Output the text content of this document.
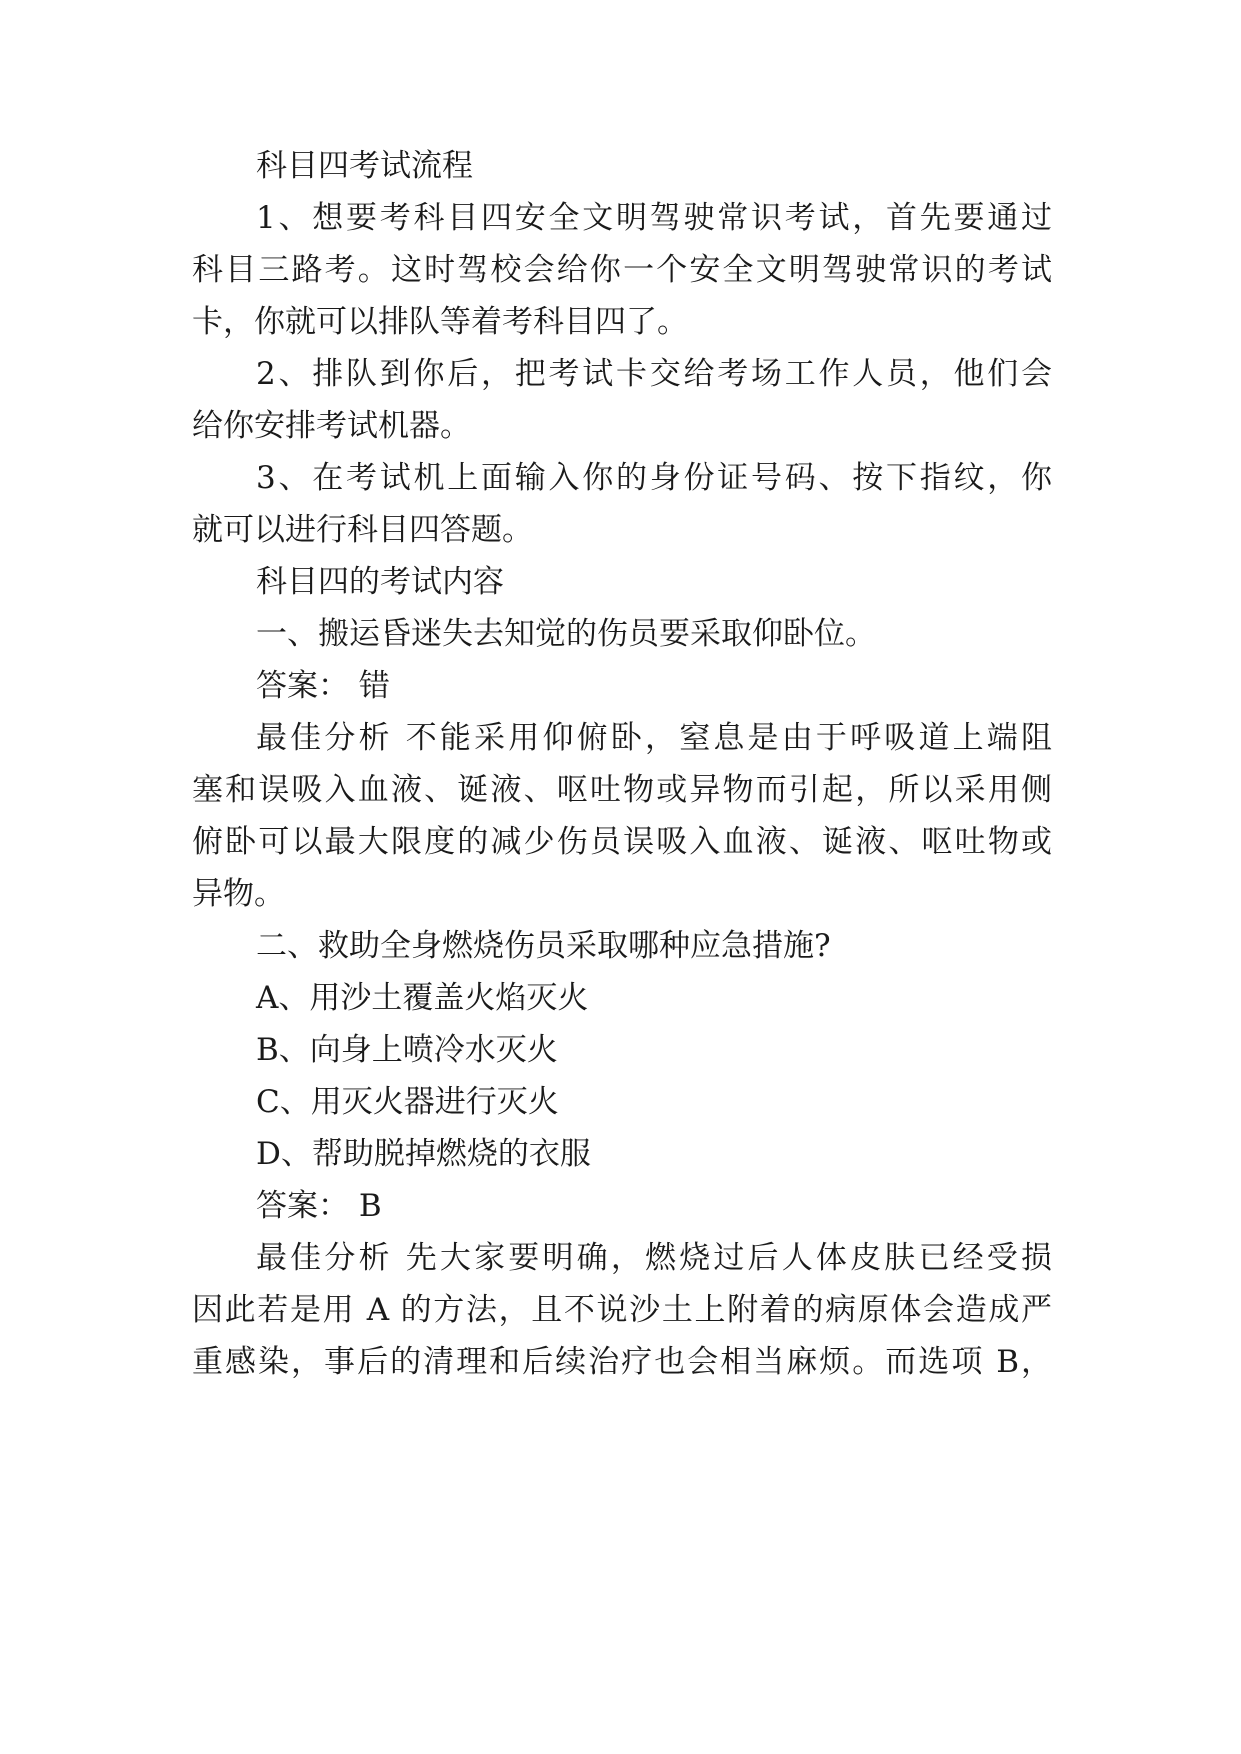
科目四考试流程
1、想要考科目四安全文明驾驶常识考试，首先要通过
科目三路考。这时驾校会给你一个安全文明驾驶常识的考试
卡，你就可以排队等着考科目四了。
2、排队到你后，把考试卡交给考场工作人员，他们会
给你安排考试机器。
3、在考试机上面输入你的身份证号码、按下指纹，你
就可以进行科目四答题。
科目四的考试内容
一、搬运昏迷失去知觉的伤员要采取仰卧位。
答案： 错
最佳分析 不能采用仰俯卧，窒息是由于呼吸道上端阻
塞和误吸入血液、诞液、呕吐物或异物而引起，所以采用侧
俯卧可以最大限度的减少伤员误吸入血液、诞液、呕吐物或
异物。
二、救助全身燃烧伤员采取哪种应急措施?
A、用沙土覆盖火焰灭火
B、向身上喷冷水灭火
C、用灭火器进行灭火
D、帮助脱掉燃烧的衣服
答案： B
最佳分析 先大家要明确，燃烧过后人体皮肤已经受损
因此若是用 A 的方法，且不说沙土上附着的病原体会造成严
重感染，事后的清理和后续治疗也会相当麻烦。而选项 B，
